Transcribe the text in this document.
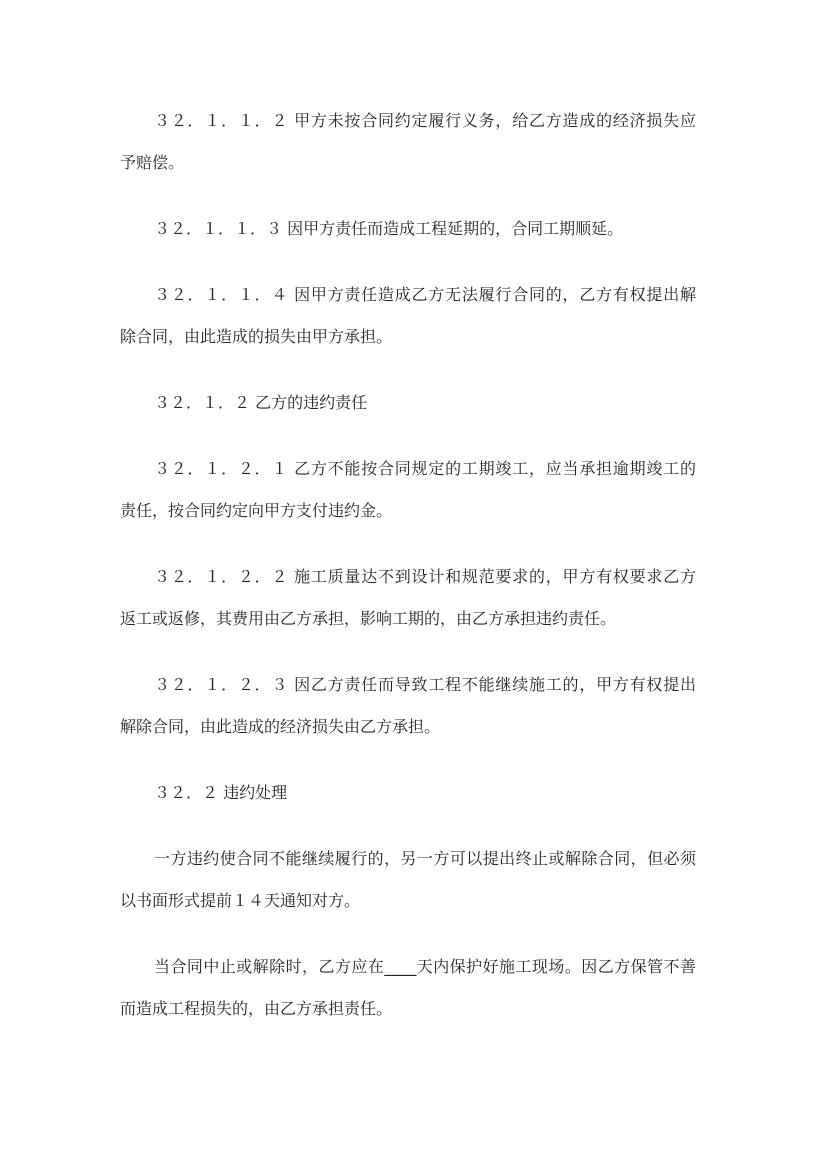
３２．１．１．２ 甲方未按合同约定履行义务，给乙方造成的经济损失应
予赔偿。
３２．１．１．３ 因甲方责任而造成工程延期的，合同工期顺延。
３２．１．１．４ 因甲方责任造成乙方无法履行合同的，乙方有权提出解
除合同，由此造成的损失由甲方承担。
３２．１．２ 乙方的违约责任
３２．１．２．１ 乙方不能按合同规定的工期竣工，应当承担逾期竣工的
责任，按合同约定向甲方支付违约金。
３２．１．２．２ 施工质量达不到设计和规范要求的，甲方有权要求乙方
返工或返修，其费用由乙方承担，影响工期的，由乙方承担违约责任。
３２．１．２．３ 因乙方责任而导致工程不能继续施工的，甲方有权提出
解除合同，由此造成的经济损失由乙方承担。
３２．２ 违约处理
一方违约使合同不能继续履行的，另一方可以提出终止或解除合同，但必须
以书面形式提前１４天通知对方。
当合同中止或解除时，乙方应在____天内保护好施工现场。因乙方保管不善
而造成工程损失的，由乙方承担责任。
